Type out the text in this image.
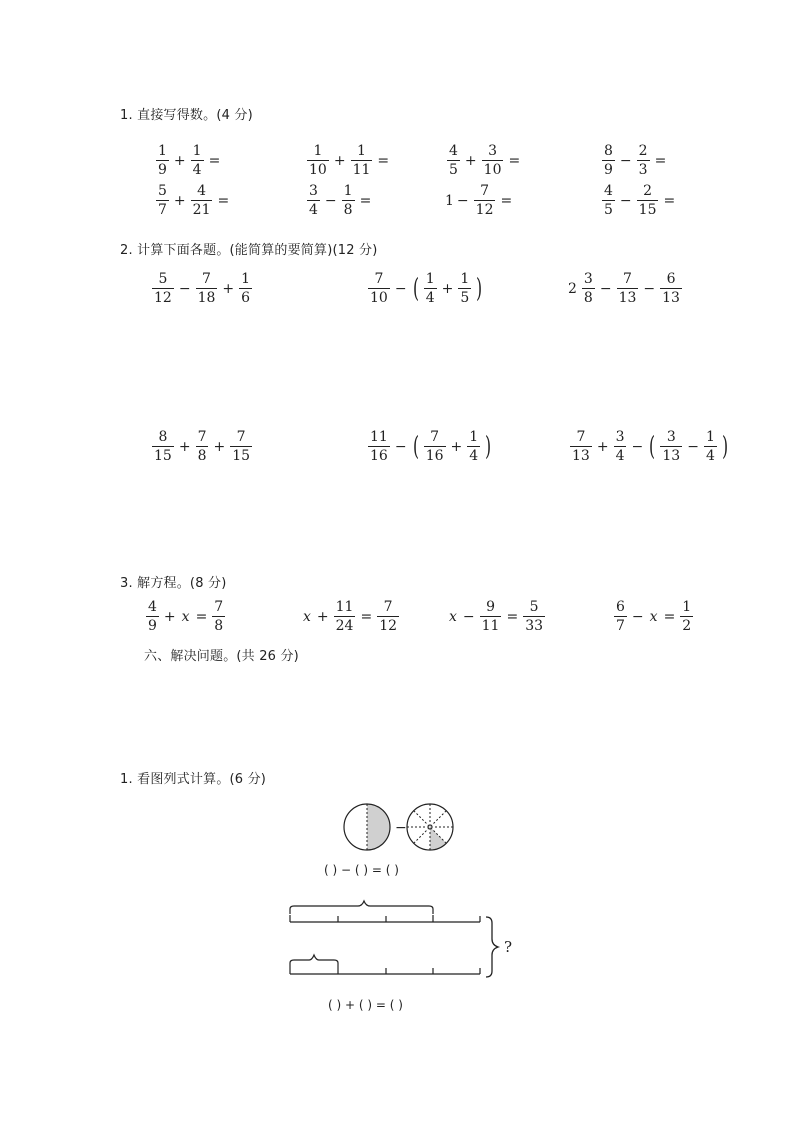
1. 直接写得数。(4 分)
$\frac{1}{9} + \frac{1}{4}$ =	$\frac{1}{10} + \frac{1}{11}$ =	$\frac{4}{5} + \frac{3}{10}$ =	$\frac{8}{9} - \frac{2}{3}$ =
$\frac{5}{7} + \frac{4}{21}$ =	$\frac{3}{4} - \frac{1}{8}$ =	$1 - \frac{7}{12}$ =	$\frac{4}{5} - \frac{2}{15}$ =
2. 计算下面各题。(能简算的要简算)(12 分)
$\frac{5}{12} - \frac{7}{18} + \frac{1}{6}$	$\frac{7}{10}$ − ( $\frac{1}{4} + \frac{1}{5}$ )	$2 \frac{3}{8} - \frac{7}{13} - \frac{6}{13}$
$\frac{8}{15} + \frac{7}{8} + \frac{7}{15}$	$\frac{11}{16}$ − ( $\frac{7}{16} + \frac{1}{4}$ )	$\frac{7}{13} + \frac{3}{4}$ − ( $\frac{3}{13} - \frac{1}{4}$ )
3. 解方程。(8 分)
$\frac{4}{9} + x = \frac{7}{8}$	$x + \frac{11}{24} = \frac{7}{12}$	$x - \frac{9}{11} = \frac{5}{33}$	$\frac{6}{7} - x = \frac{1}{2}$
六、解决问题。(共 26 分)
1. 看图列式计算。(6 分)
−
( ) − ( ) = ( )
?
( ) + ( ) = ( )
